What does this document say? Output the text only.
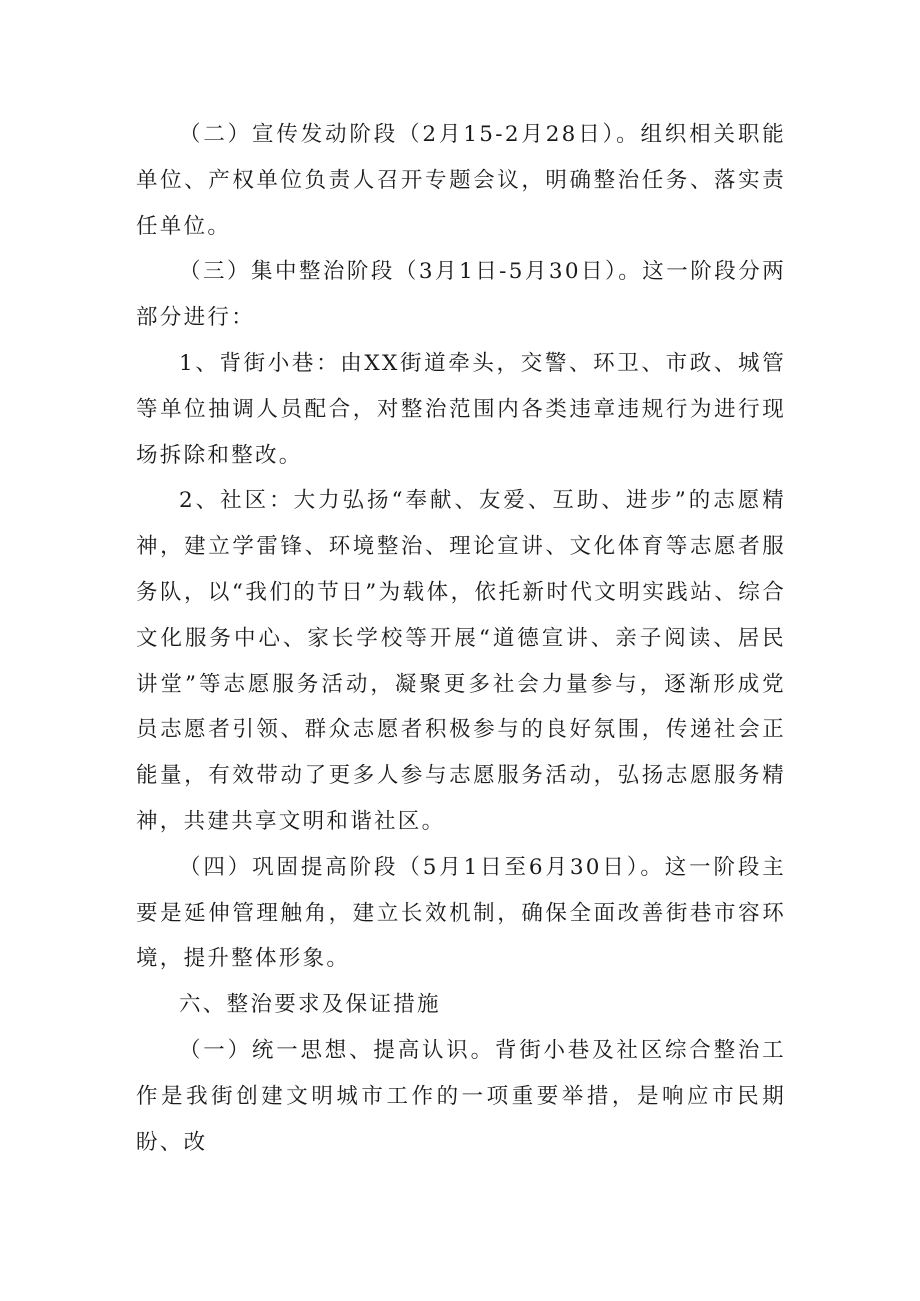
（二）宣传发动阶段（2月15-2月28日）。组织相关职能单位、产权单位负责人召开专题会议，明确整治任务、落实责任单位。

（三）集中整治阶段（3月1日-5月30日）。这一阶段分两部分进行：

1、背街小巷：由XX街道牵头，交警、环卫、市政、城管等单位抽调人员配合，对整治范围内各类违章违规行为进行现场拆除和整改。

2、社区：大力弘扬“奉献、友爱、互助、进步”的志愿精神，建立学雷锋、环境整治、理论宣讲、文化体育等志愿者服务队，以“我们的节日”为载体，依托新时代文明实践站、综合文化服务中心、家长学校等开展“道德宣讲、亲子阅读、居民讲堂”等志愿服务活动，凝聚更多社会力量参与，逐渐形成党员志愿者引领、群众志愿者积极参与的良好氛围，传递社会正能量，有效带动了更多人参与志愿服务活动，弘扬志愿服务精神，共建共享文明和谐社区。

（四）巩固提高阶段（5月1日至6月30日）。这一阶段主要是延伸管理触角，建立长效机制，确保全面改善街巷市容环境，提升整体形象。

六、整治要求及保证措施

（一）统一思想、提高认识。背街小巷及社区综合整治工作是我街创建文明城市工作的一项重要举措，是响应市民期盼、改
